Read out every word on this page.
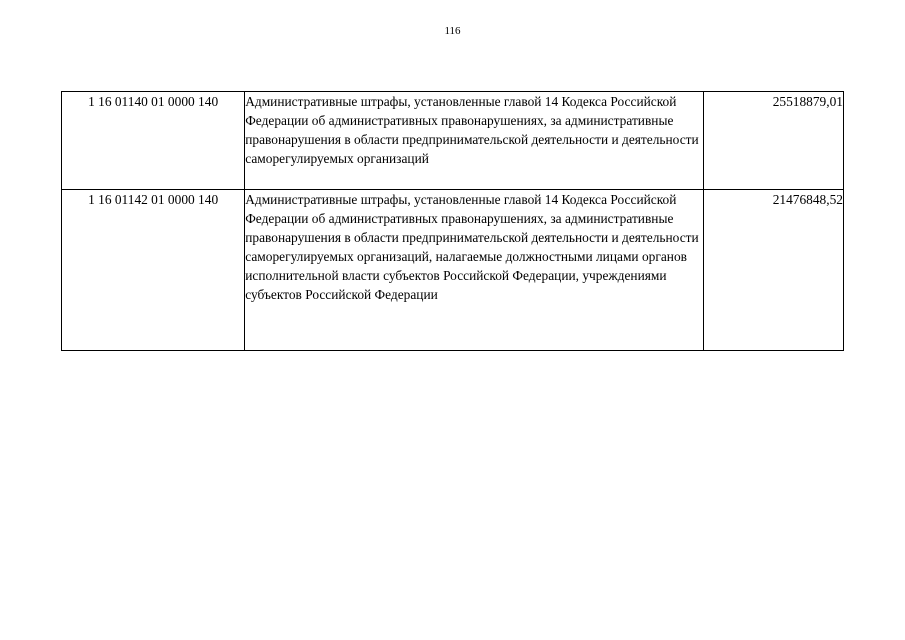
116
1 16 01140 01 0000 140	Административные штрафы, установленные главой 14 Кодекса Российской Федерации об административных правонарушениях, за административные правонарушения в области предпринимательской деятельности и деятельности саморегулируемых организаций	25518879,01
1 16 01142 01 0000 140	Административные штрафы, установленные главой 14 Кодекса Российской Федерации об административных правонарушениях, за административные правонарушения в области предпринимательской деятельности и деятельности саморегулируемых организаций, налагаемые должностными лицами органов исполнительной власти субъектов Российской Федерации, учреждениями субъектов Российской Федерации	21476848,52
